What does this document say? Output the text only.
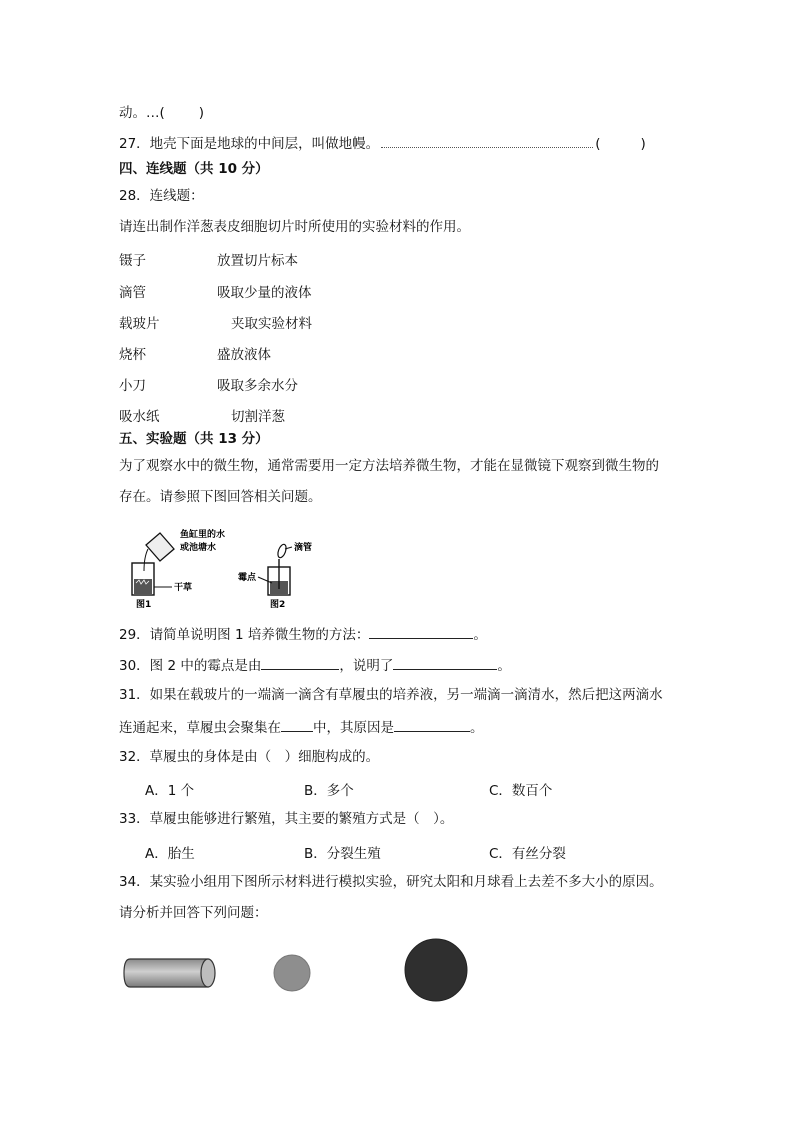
动。…(	)
27．地壳下面是地球的中间层，叫做地幔。	(	)
四、连线题（共 10 分）
28．连线题：
请连出制作洋葱表皮细胞切片时所使用的实验材料的作用。
镊子	放置切片标本
滴管	吸取少量的液体
载玻片	夹取实验材料
烧杯	盛放液体
小刀	吸取多余水分
吸水纸	切割洋葱
五、实验题（共 13 分）
为了观察水中的微生物，通常需要用一定方法培养微生物，才能在显微镜下观察到微生物的
存在。请参照下图回答相关问题。
鱼缸里的水
或池塘水
干草
图1
滴管
霉点
图2
29．请简单说明图 1 培养微生物的方法：	。
30．图 2 中的霉点是由	，说明了	。
31．如果在载玻片的一端滴一滴含有草履虫的培养液，另一端滴一滴清水，然后把这两滴水
连通起来，草履虫会聚集在 中，其原因是	。
32．草履虫的身体是由（　）细胞构成的。
A．1 个	B．多个	C．数百个
33．草履虫能够进行繁殖，其主要的繁殖方式是（　）。
A．胎生	B．分裂生殖	C．有丝分裂
34．某实验小组用下图所示材料进行模拟实验，研究太阳和月球看上去差不多大小的原因。
请分析并回答下列问题：
